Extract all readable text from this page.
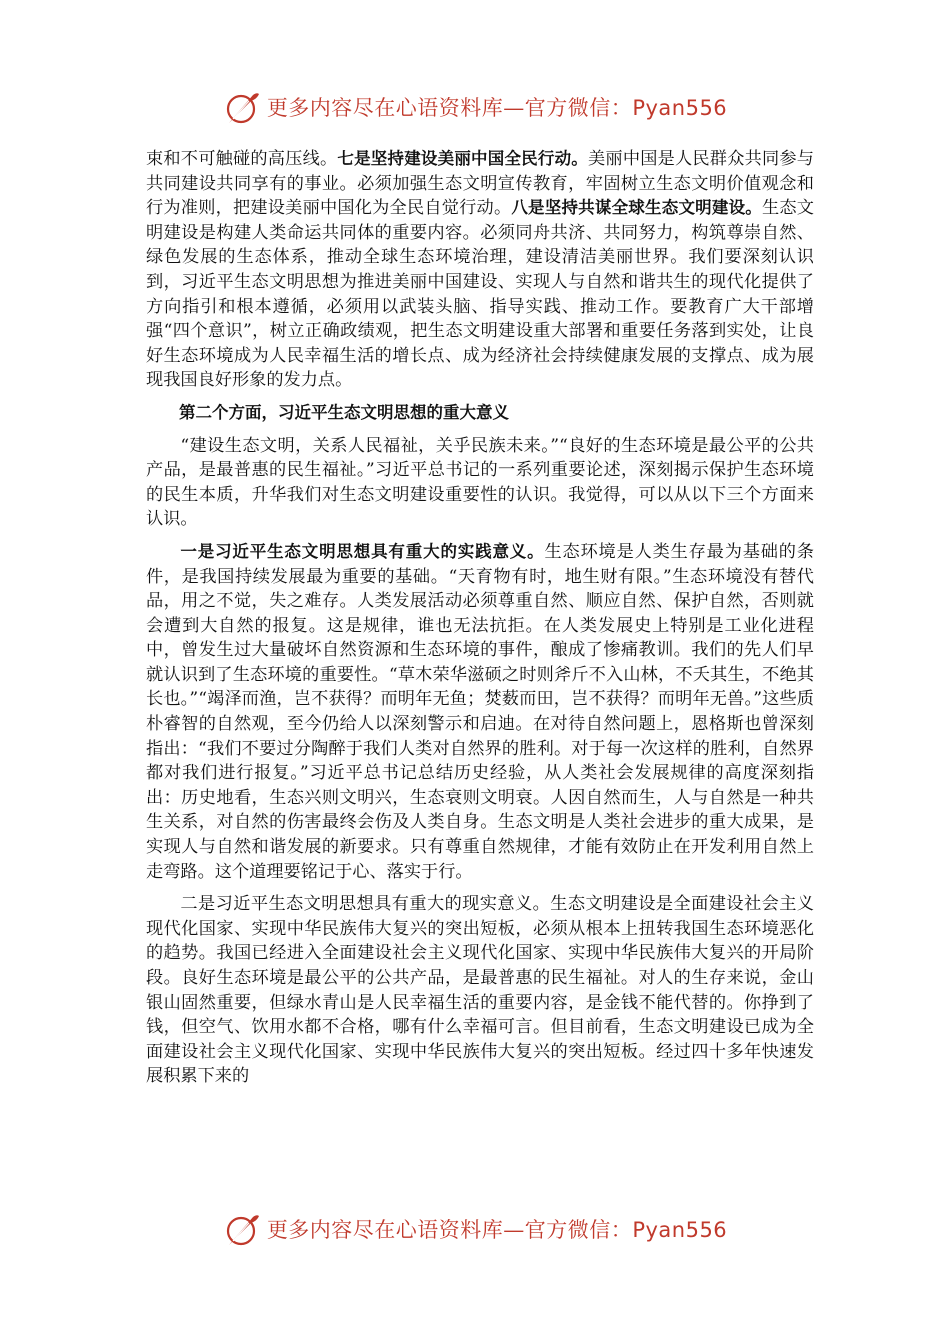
更多内容尽在心语资料库—官方微信：Pyan556

束和不可触碰的高压线。七是坚持建设美丽中国全民行动。美丽中国是人民群众共同参与共同建设共同享有的事业。必须加强生态文明宣传教育，牢固树立生态文明价值观念和行为准则，把建设美丽中国化为全民自觉行动。八是坚持共谋全球生态文明建设。生态文明建设是构建人类命运共同体的重要内容。必须同舟共济、共同努力，构筑尊崇自然、绿色发展的生态体系，推动全球生态环境治理，建设清洁美丽世界。我们要深刻认识到，习近平生态文明思想为推进美丽中国建设、实现人与自然和谐共生的现代化提供了方向指引和根本遵循，必须用以武装头脑、指导实践、推动工作。要教育广大干部增强“四个意识”，树立正确政绩观，把生态文明建设重大部署和重要任务落到实处，让良好生态环境成为人民幸福生活的增长点、成为经济社会持续健康发展的支撑点、成为展现我国良好形象的发力点。

第二个方面，习近平生态文明思想的重大意义

“建设生态文明，关系人民福祉，关乎民族未来。”“良好的生态环境是最公平的公共产品，是最普惠的民生福祉。”习近平总书记的一系列重要论述，深刻揭示保护生态环境的民生本质，升华我们对生态文明建设重要性的认识。我觉得，可以从以下三个方面来认识。

一是习近平生态文明思想具有重大的实践意义。生态环境是人类生存最为基础的条件，是我国持续发展最为重要的基础。“天育物有时，地生财有限。”生态环境没有替代品，用之不觉，失之难存。人类发展活动必须尊重自然、顺应自然、保护自然，否则就会遭到大自然的报复。这是规律，谁也无法抗拒。在人类发展史上特别是工业化进程中，曾发生过大量破坏自然资源和生态环境的事件，酿成了惨痛教训。我们的先人们早就认识到了生态环境的重要性。“草木荣华滋硕之时则斧斤不入山林，不夭其生，不绝其长也。”“竭泽而渔，岂不获得？而明年无鱼；焚薮而田，岂不获得？而明年无兽。”这些质朴睿智的自然观，至今仍给人以深刻警示和启迪。在对待自然问题上，恩格斯也曾深刻指出：“我们不要过分陶醉于我们人类对自然界的胜利。对于每一次这样的胜利，自然界都对我们进行报复。”习近平总书记总结历史经验，从人类社会发展规律的高度深刻指出：历史地看，生态兴则文明兴，生态衰则文明衰。人因自然而生，人与自然是一种共生关系，对自然的伤害最终会伤及人类自身。生态文明是人类社会进步的重大成果，是实现人与自然和谐发展的新要求。只有尊重自然规律，才能有效防止在开发利用自然上走弯路。这个道理要铭记于心、落实于行。

二是习近平生态文明思想具有重大的现实意义。生态文明建设是全面建设社会主义现代化国家、实现中华民族伟大复兴的突出短板，必须从根本上扭转我国生态环境恶化的趋势。我国已经进入全面建设社会主义现代化国家、实现中华民族伟大复兴的开局阶段。良好生态环境是最公平的公共产品，是最普惠的民生福祉。对人的生存来说，金山银山固然重要，但绿水青山是人民幸福生活的重要内容，是金钱不能代替的。你挣到了钱，但空气、饮用水都不合格，哪有什么幸福可言。但目前看，生态文明建设已成为全面建设社会主义现代化国家、实现中华民族伟大复兴的突出短板。经过四十多年快速发展积累下来的

更多内容尽在心语资料库—官方微信：Pyan556
